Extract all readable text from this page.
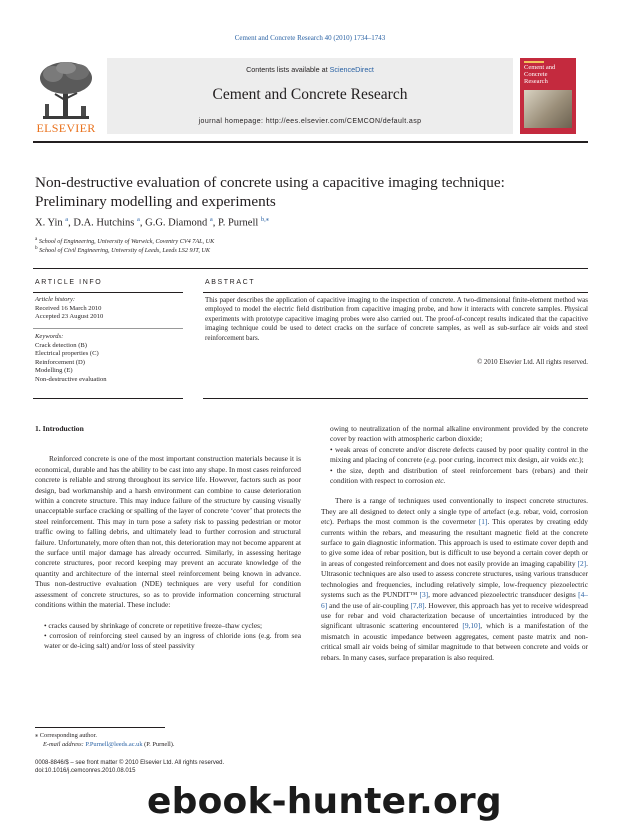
Cement and Concrete Research 40 (2010) 1734–1743
ELSEVIER
Contents lists available at ScienceDirect
Cement and Concrete Research
journal homepage: http://ees.elsevier.com/CEMCON/default.asp
Cement and Concrete Research
Non-destructive evaluation of concrete using a capacitive imaging technique:
Preliminary modelling and experiments
X. Yin $^a$, D.A. Hutchins $^a$, G.G. Diamond $^a$, P. Purnell $^{b,⁎}$
$^a$ School of Engineering, University of Warwick, Coventry CV4 7AL, UK
$^b$ School of Civil Engineering, University of Leeds, Leeds LS2 9JT, UK
ARTICLE INFO	ABSTRACT
Article history:
Received 16 March 2010
Accepted 23 August 2010
Keywords:
Crack detection (B)
Electrical properties (C)
Reinforcement (D)
Modelling (E)
Non-destructive evaluation
This paper describes the application of capacitive imaging to the inspection of concrete. A two-dimensional finite-element method was employed to model the electric field distribution from capacitive imaging probe, and how it interacts with concrete samples. Physical experiments with prototype capacitive imaging probes were also carried out. The proof-of-concept results indicated that the capacitive imaging technique could be used to detect cracks on the surface of concrete samples, as well as sub-surface air voids and steel reinforcement bars.
© 2010 Elsevier Ltd. All rights reserved.
1. Introduction

Reinforced concrete is one of the most important construction materials because it is economical, durable and has the ability to be cast into any shape. In most cases reinforced concrete is reliable and strong throughout its service life. However, factors such as poor design, bad workmanship and a harsh environment can combine to cause deterioration within a concrete structure. This may induce failure of the structure by causing visually unacceptable surface cracking or spalling of the layer of concrete ‘cover’ that protects the steel reinforcement. This may in turn pose a safety risk to passing pedestrian or motor traffic owing to falling debris, and ultimately lead to further corrosion and structural failure. Unfortunately, more often than not, this deterioration may not become apparent at the surface until major damage has already occurred. Similarly, in assessing heritage concrete structures, poor record keeping may prevent an accurate knowledge of the quantity and architecture of the internal steel reinforcement being known in advance. Thus non-destructive evaluation (NDE) techniques are very useful for condition assessment of concrete structures, so as to provide information concerning structural conditions within the material. These include:

• cracks caused by shrinkage of concrete or repetitive freeze–thaw cycles;

• corrosion of reinforcing steel caused by an ingress of chloride ions (e.g. from sea water or de-icing salt) and/or loss of steel passivity

owing to neutralization of the normal alkaline environment provided by the concrete cover by reaction with atmospheric carbon dioxide;

• weak areas of concrete and/or discrete defects caused by poor quality control in the mixing and placing of concrete (e.g. poor curing, incorrect mix design, air voids etc.);

• the size, depth and distribution of steel reinforcement bars (rebars) and their condition with respect to corrosion etc.

There is a range of techniques used conventionally to inspect concrete structures. They are all designed to detect only a single type of artefact (e.g. rebar, void, corrosion etc). Perhaps the most common is the covermeter [1]. This operates by creating eddy currents within the rebars, and measuring the resultant magnetic field at the concrete surface to gain diagnostic information. This approach is used to estimate cover depth and to give some idea of rebar position, but is difficult to use beyond a certain cover depth or in areas of congested reinforcement and does not easily provide an imaging capability [2]. Ultrasonic techniques are also used to assess concrete structures, using various transducer technologies and frequencies, including relatively simple, low-frequency piezoelectric systems such as the PUNDIT™ [3], more advanced piezoelectric transducer designs [4–6] and the use of air-coupling [7,8]. However, this approach has yet to receive widespread use for rebar and void characterization because of uncertainties introduced by the significant ultrasonic scattering encountered [9,10], which is a manifestation of the mismatch in acoustic impedance between aggregates, cement paste matrix and non-critical small air voids being of similar magnitude to that between concrete and voids or rebars. In many cases, surface preparation is also required.

⁎ Corresponding author.
E-mail address: P.Purnell@leeds.ac.uk (P. Purnell).
0008-8846/$ – see front matter © 2010 Elsevier Ltd. All rights reserved.
doi:10.1016/j.cemconres.2010.08.015
ebook-hunter.org
